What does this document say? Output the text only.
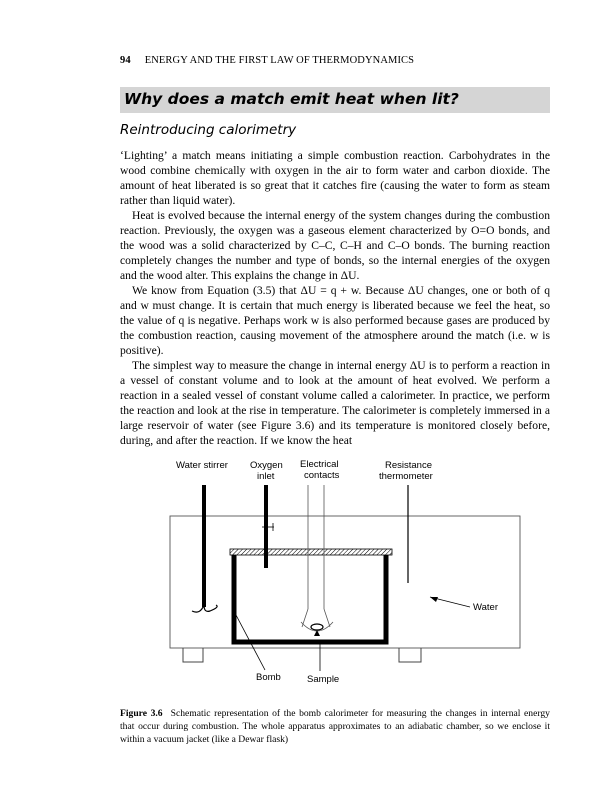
94 ENERGY AND THE FIRST LAW OF THERMODYNAMICS
Why does a match emit heat when lit?
Reintroducing calorimetry

‘Lighting’ a match means initiating a simple combustion reaction. Carbohydrates in the wood combine chemically with oxygen in the air to form water and carbon dioxide. The amount of heat liberated is so great that it catches fire (causing the water to form as steam rather than liquid water).

Heat is evolved because the internal energy of the system changes during the combustion reaction. Previously, the oxygen was a gaseous element characterized by O=O bonds, and the wood was a solid characterized by C–C, C–H and C–O bonds. The burning reaction completely changes the number and type of bonds, so the internal energies of the oxygen and the wood alter. This explains the change in ΔU.

We know from Equation (3.5) that ΔU = q + w. Because ΔU changes, one or both of q and w must change. It is certain that much energy is liberated because we feel the heat, so the value of q is negative. Perhaps work w is also performed because gases are produced by the combustion reaction, causing movement of the atmosphere around the match (i.e. w is positive).

The simplest way to measure the change in internal energy ΔU is to perform a reaction in a vessel of constant volume and to look at the amount of heat evolved. We perform a reaction in a sealed vessel of constant volume called a calorimeter. In practice, we perform the reaction and look at the rise in temperature. The calorimeter is completely immersed in a large reservoir of water (see Figure 3.6) and its temperature is monitored closely before, during, and after the reaction. If we know the heat

Water stirrer Oxygen
inlet
Electrical
contacts
Resistance
thermometer
Water
Bomb	Sample
Figure 3.6 Schematic representation of the bomb calorimeter for measuring the changes in internal energy that occur during combustion. The whole apparatus approximates to an adiabatic chamber, so we enclose it within a vacuum jacket (like a Dewar flask)
